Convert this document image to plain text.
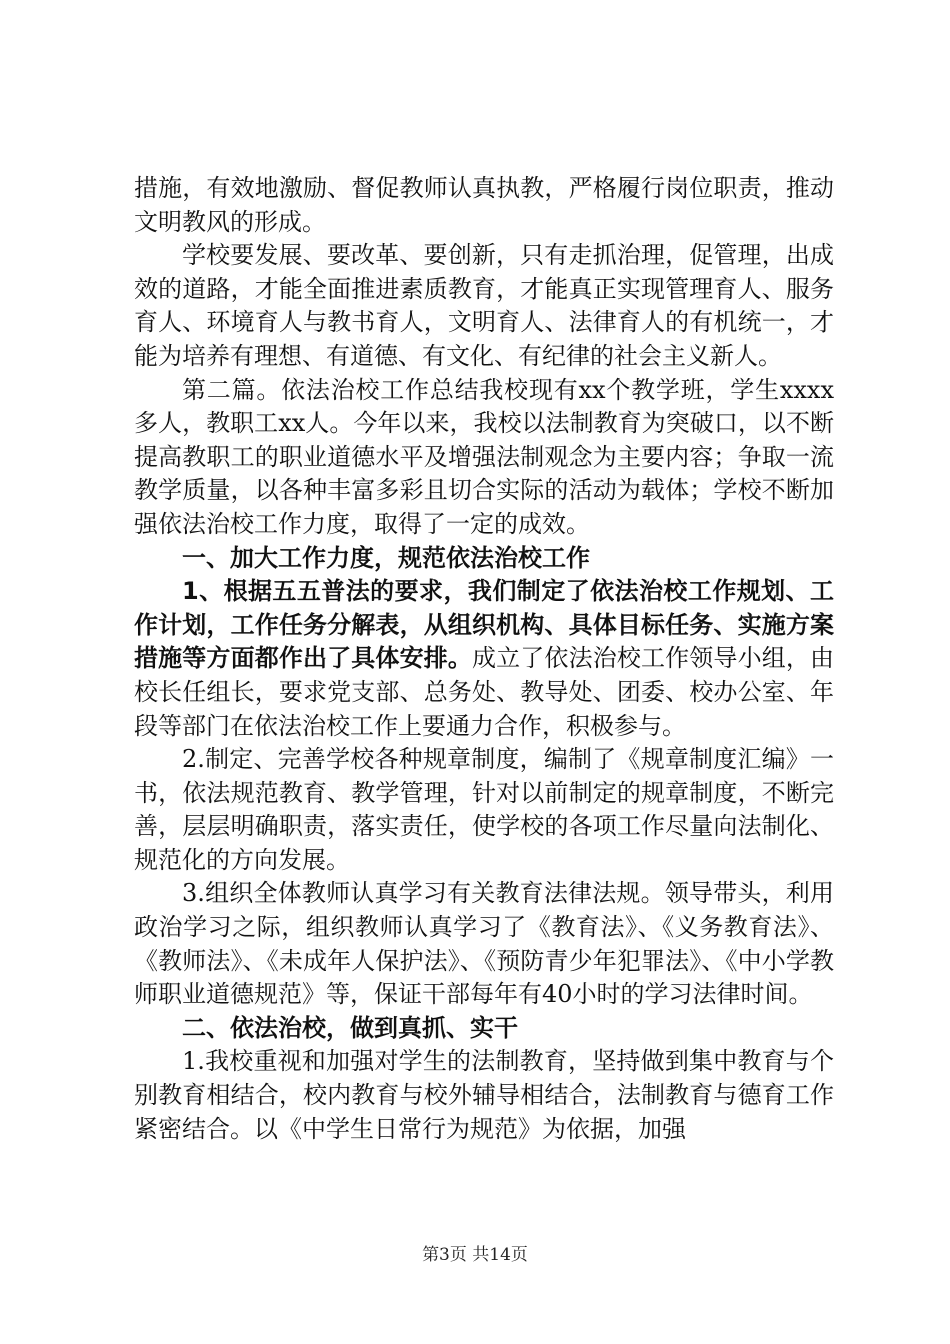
措施，有效地激励、督促教师认真执教，严格履行岗位职责，推动文明教风的形成。

学校要发展、要改革、要创新，只有走抓治理，促管理，出成效的道路，才能全面推进素质教育，才能真正实现管理育人、服务育人、环境育人与教书育人，文明育人、法律育人的有机统一，才能为培养有理想、有道德、有文化、有纪律的社会主义新人。

第二篇。依法治校工作总结我校现有xx个教学班，学生xxxx多人，教职工xx人。今年以来，我校以法制教育为突破口，以不断提高教职工的职业道德水平及增强法制观念为主要内容；争取一流教学质量，以各种丰富多彩且切合实际的活动为载体；学校不断加强依法治校工作力度，取得了一定的成效。

一、加大工作力度，规范依法治校工作

1、根据五五普法的要求，我们制定了依法治校工作规划、工作计划，工作任务分解表，从组织机构、具体目标任务、实施方案措施等方面都作出了具体安排。成立了依法治校工作领导小组，由校长任组长，要求党支部、总务处、教导处、团委、校办公室、年段等部门在依法治校工作上要通力合作，积极参与。

2.制定、完善学校各种规章制度，编制了《规章制度汇编》一书，依法规范教育、教学管理，针对以前制定的规章制度，不断完善，层层明确职责，落实责任，使学校的各项工作尽量向法制化、规范化的方向发展。

3.组织全体教师认真学习有关教育法律法规。领导带头，利用政治学习之际，组织教师认真学习了《教育法》、《义务教育法》、《教师法》、《未成年人保护法》、《预防青少年犯罪法》、《中小学教师职业道德规范》等，保证干部每年有40小时的学习法律时间。

二、依法治校，做到真抓、实干

1.我校重视和加强对学生的法制教育，坚持做到集中教育与个别教育相结合，校内教育与校外辅导相结合，法制教育与德育工作紧密结合。以《中学生日常行为规范》为依据，加强

第3页 共14页
